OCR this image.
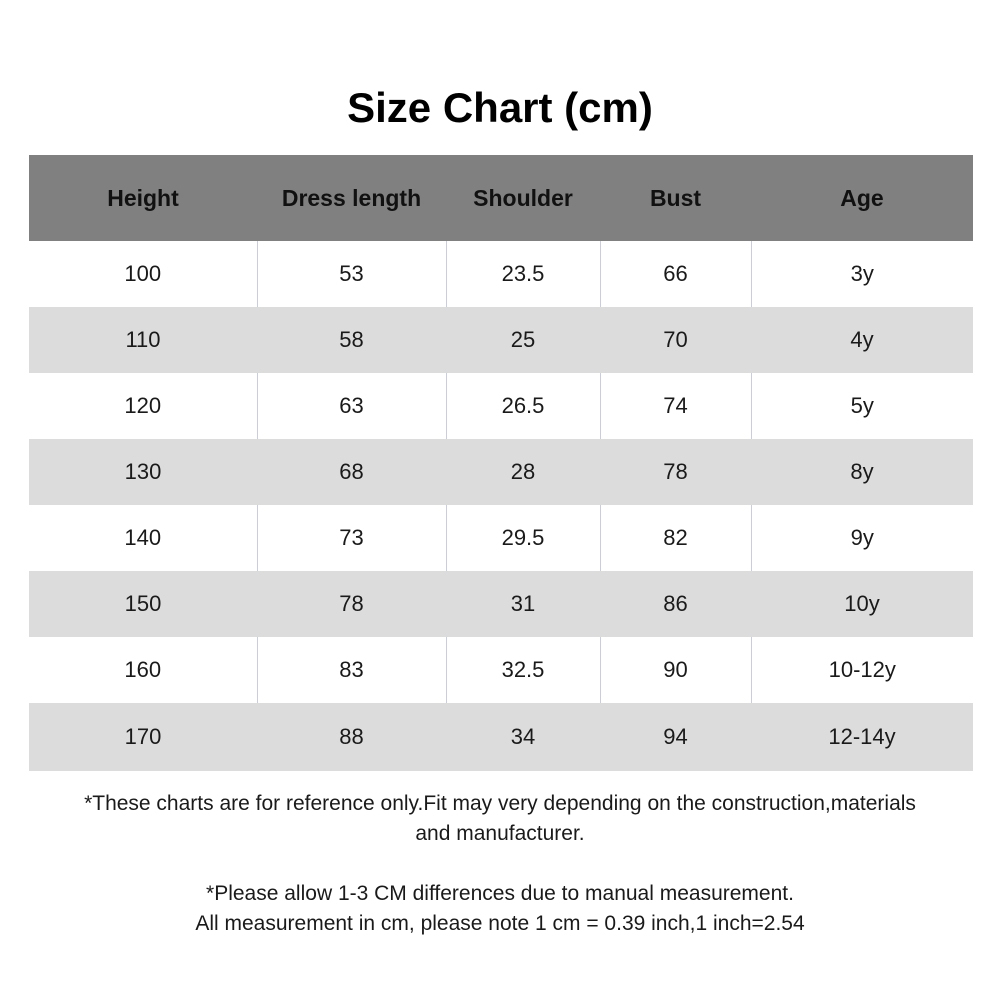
Size Chart (cm)
Height	Dress length	Shoulder	Bust	Age
100	53	23.5	66	3y
110	58	25	70	4y
120	63	26.5	74	5y
130	68	28	78	8y
140	73	29.5	82	9y
150	78	31	86	10y
160	83	32.5	90	10-12y
170	88	34	94	12-14y
*These charts are for reference only.Fit may very depending on the construction,materials
and manufacturer.
*Please allow 1-3 CM differences due to manual measurement.
All measurement in cm, please note 1 cm = 0.39 inch,1 inch=2.54
